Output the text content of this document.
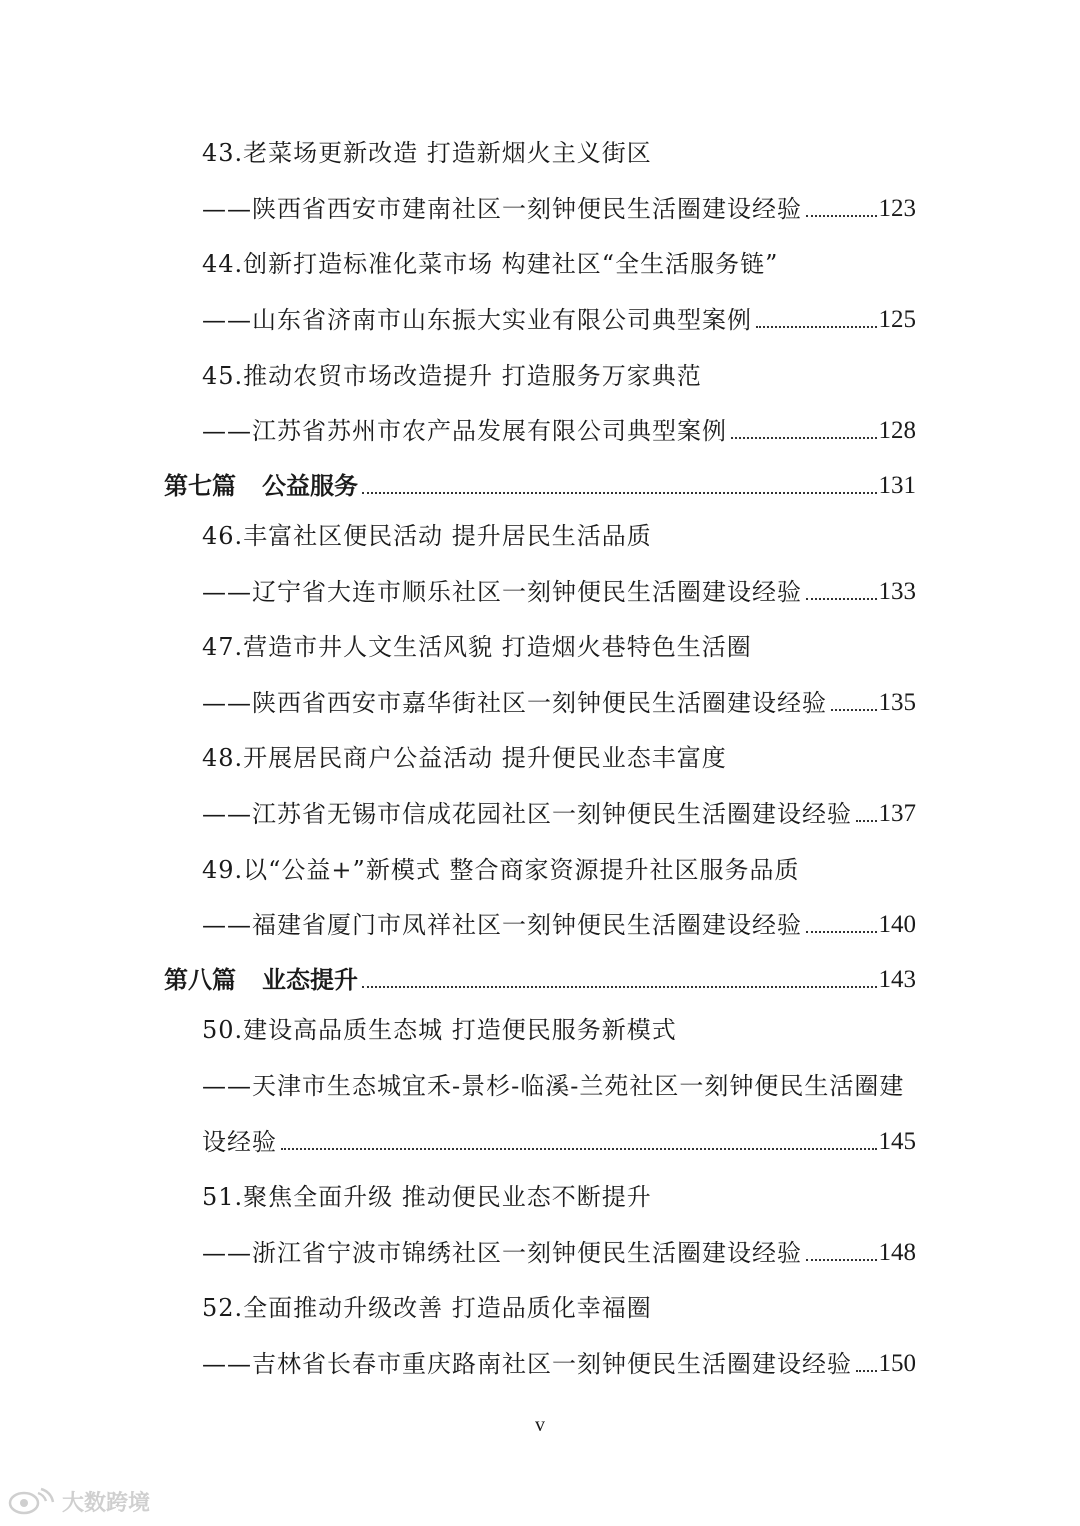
43.老菜场更新改造 打造新烟火主义街区
——陕西省西安市建南社区一刻钟便民生活圈建设经验	123
44.创新打造标准化菜市场 构建社区“全生活服务链”
——山东省济南市山东振大实业有限公司典型案例	125
45.推动农贸市场改造提升 打造服务万家典范
——江苏省苏州市农产品发展有限公司典型案例	128
第七篇 公益服务	131
46.丰富社区便民活动 提升居民生活品质
——辽宁省大连市顺乐社区一刻钟便民生活圈建设经验	133
47.营造市井人文生活风貌 打造烟火巷特色生活圈
——陕西省西安市嘉华街社区一刻钟便民生活圈建设经验 135
48.开展居民商户公益活动 提升便民业态丰富度
——江苏省无锡市信成花园社区一刻钟便民生活圈建设经验 137
49.以“公益+”新模式 整合商家资源提升社区服务品质
——福建省厦门市凤祥社区一刻钟便民生活圈建设经验	140
第八篇 业态提升	143
50.建设高品质生态城 打造便民服务新模式
——天津市生态城宜禾-景杉-临溪-兰苑社区一刻钟便民生活圈建
设经验	145
51.聚焦全面升级 推动便民业态不断提升
——浙江省宁波市锦绣社区一刻钟便民生活圈建设经验	148
52.全面推动升级改善 打造品质化幸福圈
——吉林省长春市重庆路南社区一刻钟便民生活圈建设经验 150
v
大数跨境
